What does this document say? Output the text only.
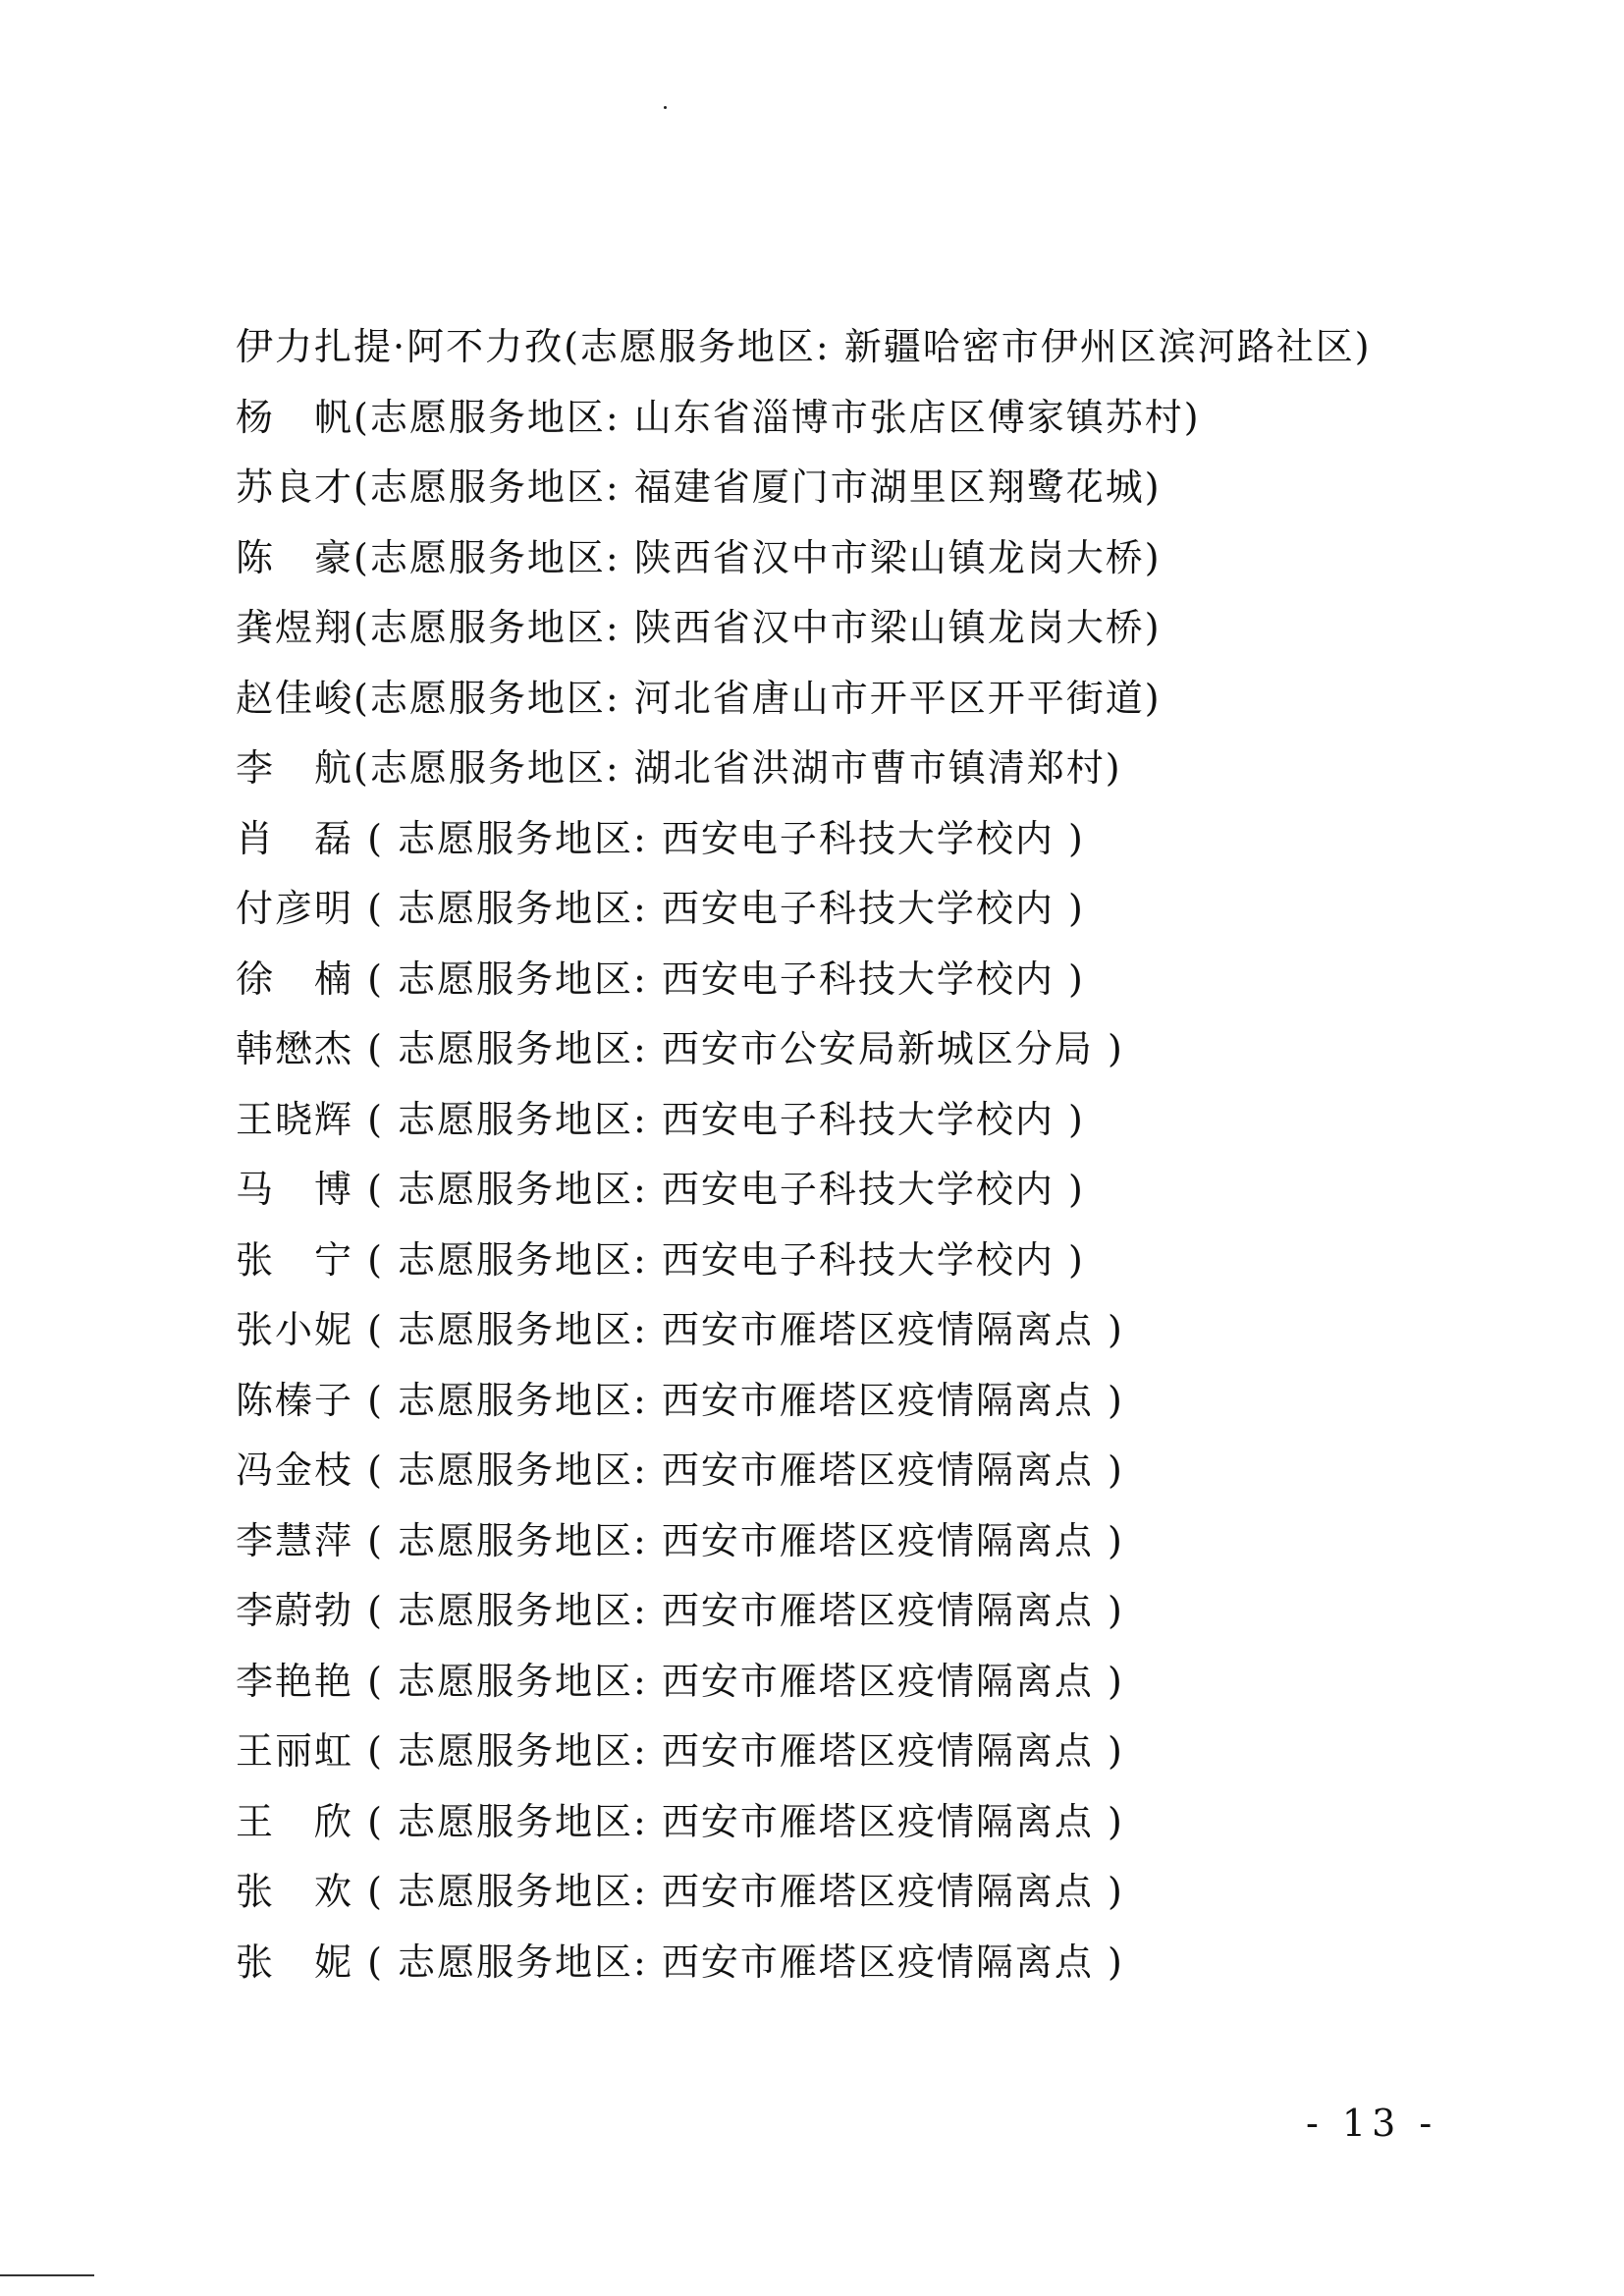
伊力扎提·阿不力孜(志愿服务地区: 新疆哈密市伊州区滨河路社区)
杨　帆(志愿服务地区: 山东省淄博市张店区傅家镇苏村)
苏良才(志愿服务地区: 福建省厦门市湖里区翔鹭花城)
陈　豪(志愿服务地区: 陕西省汉中市梁山镇龙岗大桥)
龚煜翔(志愿服务地区: 陕西省汉中市梁山镇龙岗大桥)
赵佳峻(志愿服务地区: 河北省唐山市开平区开平街道)
李　航(志愿服务地区: 湖北省洪湖市曹市镇清郑村)
肖　磊 ( 志愿服务地区: 西安电子科技大学校内 )
付彦明 ( 志愿服务地区: 西安电子科技大学校内 )
徐　楠 ( 志愿服务地区: 西安电子科技大学校内 )
韩懋杰 ( 志愿服务地区: 西安市公安局新城区分局 )
王晓辉 ( 志愿服务地区: 西安电子科技大学校内 )
马　博 ( 志愿服务地区: 西安电子科技大学校内 )
张　宁 ( 志愿服务地区: 西安电子科技大学校内 )
张小妮 ( 志愿服务地区: 西安市雁塔区疫情隔离点 )
陈榛子 ( 志愿服务地区: 西安市雁塔区疫情隔离点 )
冯金枝 ( 志愿服务地区: 西安市雁塔区疫情隔离点 )
李慧萍 ( 志愿服务地区: 西安市雁塔区疫情隔离点 )
李蔚勃 ( 志愿服务地区: 西安市雁塔区疫情隔离点 )
李艳艳 ( 志愿服务地区: 西安市雁塔区疫情隔离点 )
王丽虹 ( 志愿服务地区: 西安市雁塔区疫情隔离点 )
王　欣 ( 志愿服务地区: 西安市雁塔区疫情隔离点 )
张　欢 ( 志愿服务地区: 西安市雁塔区疫情隔离点 )
张　妮 ( 志愿服务地区: 西安市雁塔区疫情隔离点 )
- 13 -
